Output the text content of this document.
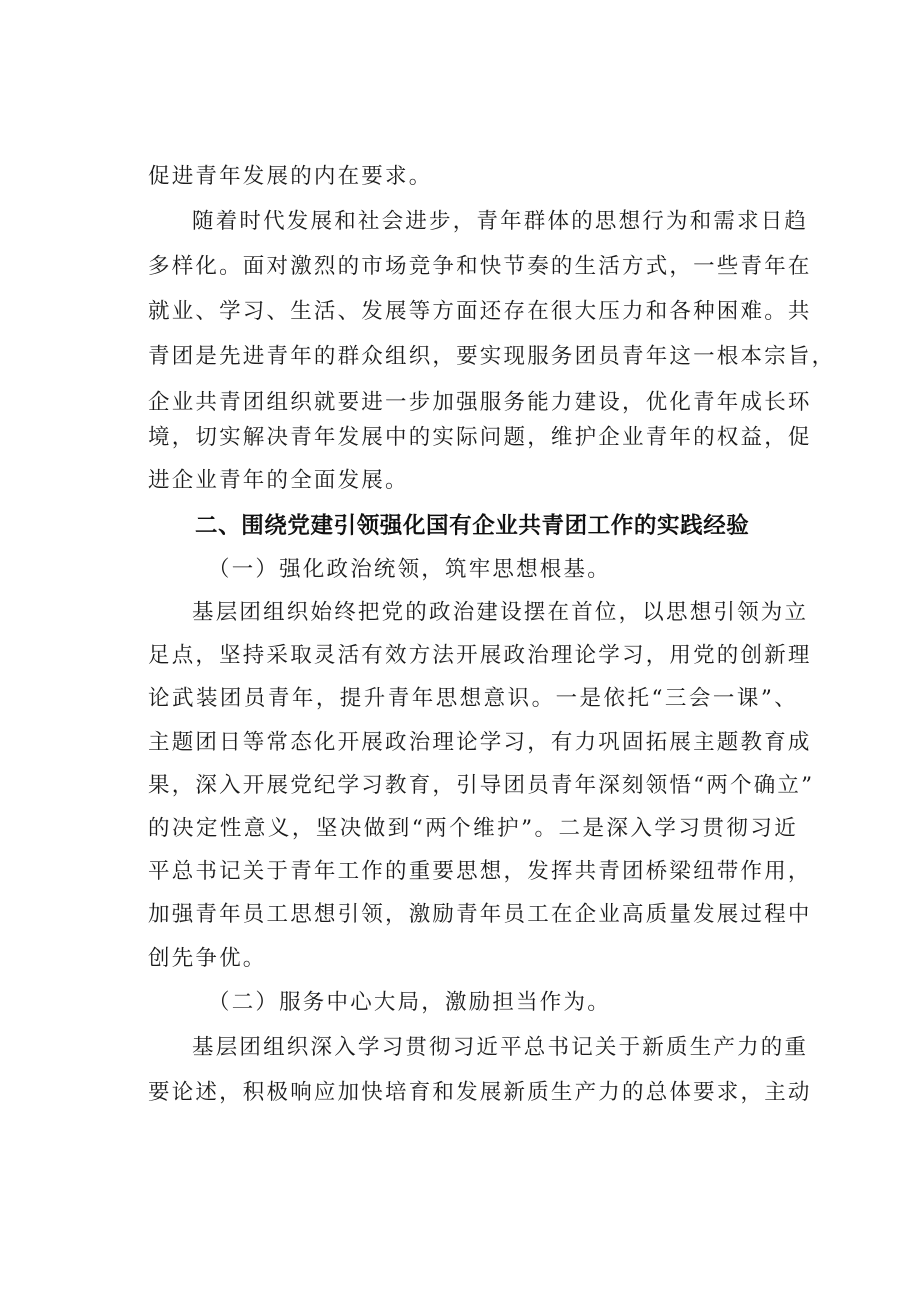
促进青年发展的内在要求。
随着时代发展和社会进步，青年群体的思想行为和需求日趋
多样化。面对激烈的市场竞争和快节奏的生活方式，一些青年在
就业、学习、生活、发展等方面还存在很大压力和各种困难。共
青团是先进青年的群众组织，要实现服务团员青年这一根本宗旨，
企业共青团组织就要进一步加强服务能力建设，优化青年成长环
境，切实解决青年发展中的实际问题，维护企业青年的权益，促
进企业青年的全面发展。
（一）强化政治统领，筑牢思想根基。
基层团组织始终把党的政治建设摆在首位，以思想引领为立
足点，坚持采取灵活有效方法开展政治理论学习，用党的创新理
论武装团员青年，提升青年思想意识。一是依托“三会一课”、
主题团日等常态化开展政治理论学习，有力巩固拓展主题教育成
果，深入开展党纪学习教育，引导团员青年深刻领悟“两个确立”
的决定性意义，坚决做到“两个维护”。二是深入学习贯彻习近
平总书记关于青年工作的重要思想，发挥共青团桥梁纽带作用，
加强青年员工思想引领，激励青年员工在企业高质量发展过程中
创先争优。
（二）服务中心大局，激励担当作为。
基层团组织深入学习贯彻习近平总书记关于新质生产力的重
要论述，积极响应加快培育和发展新质生产力的总体要求，主动
二、围绕党建引领强化国有企业共青团工作的实践经验
